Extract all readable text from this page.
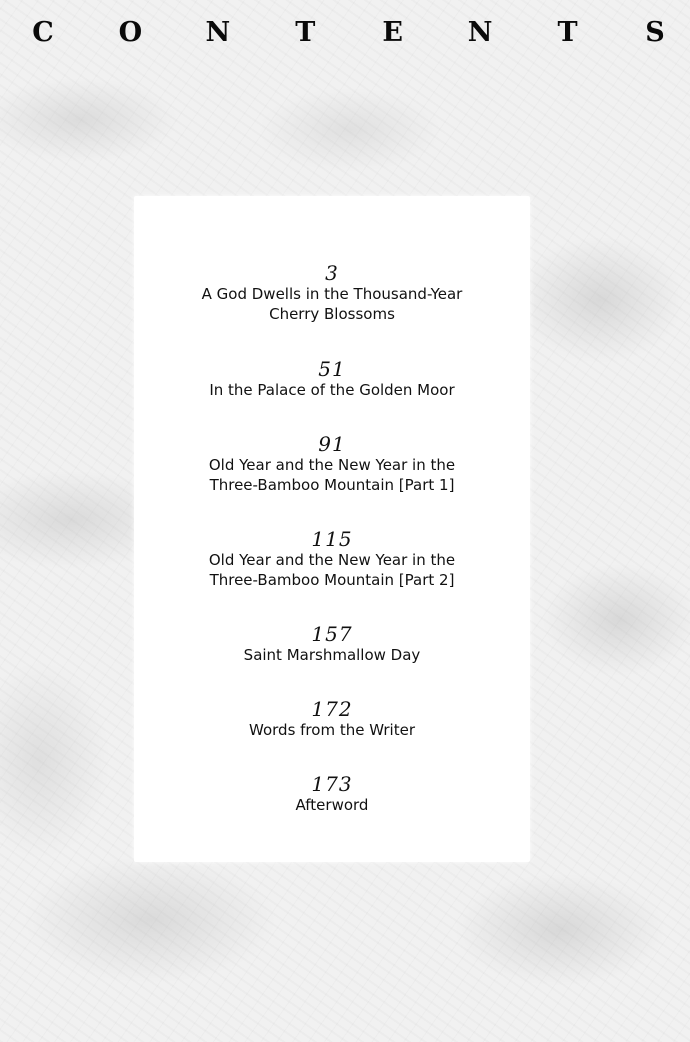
C O N T E N T	S
3
A God Dwells in the Thousand-Year
Cherry Blossoms
51
In the Palace of the Golden Moor
91
Old Year and the New Year in the
Three-Bamboo Mountain [Part 1]
115
Old Year and the New Year in the
Three-Bamboo Mountain [Part 2]
157
Saint Marshmallow Day
172
Words from the Writer
173
Afterword
